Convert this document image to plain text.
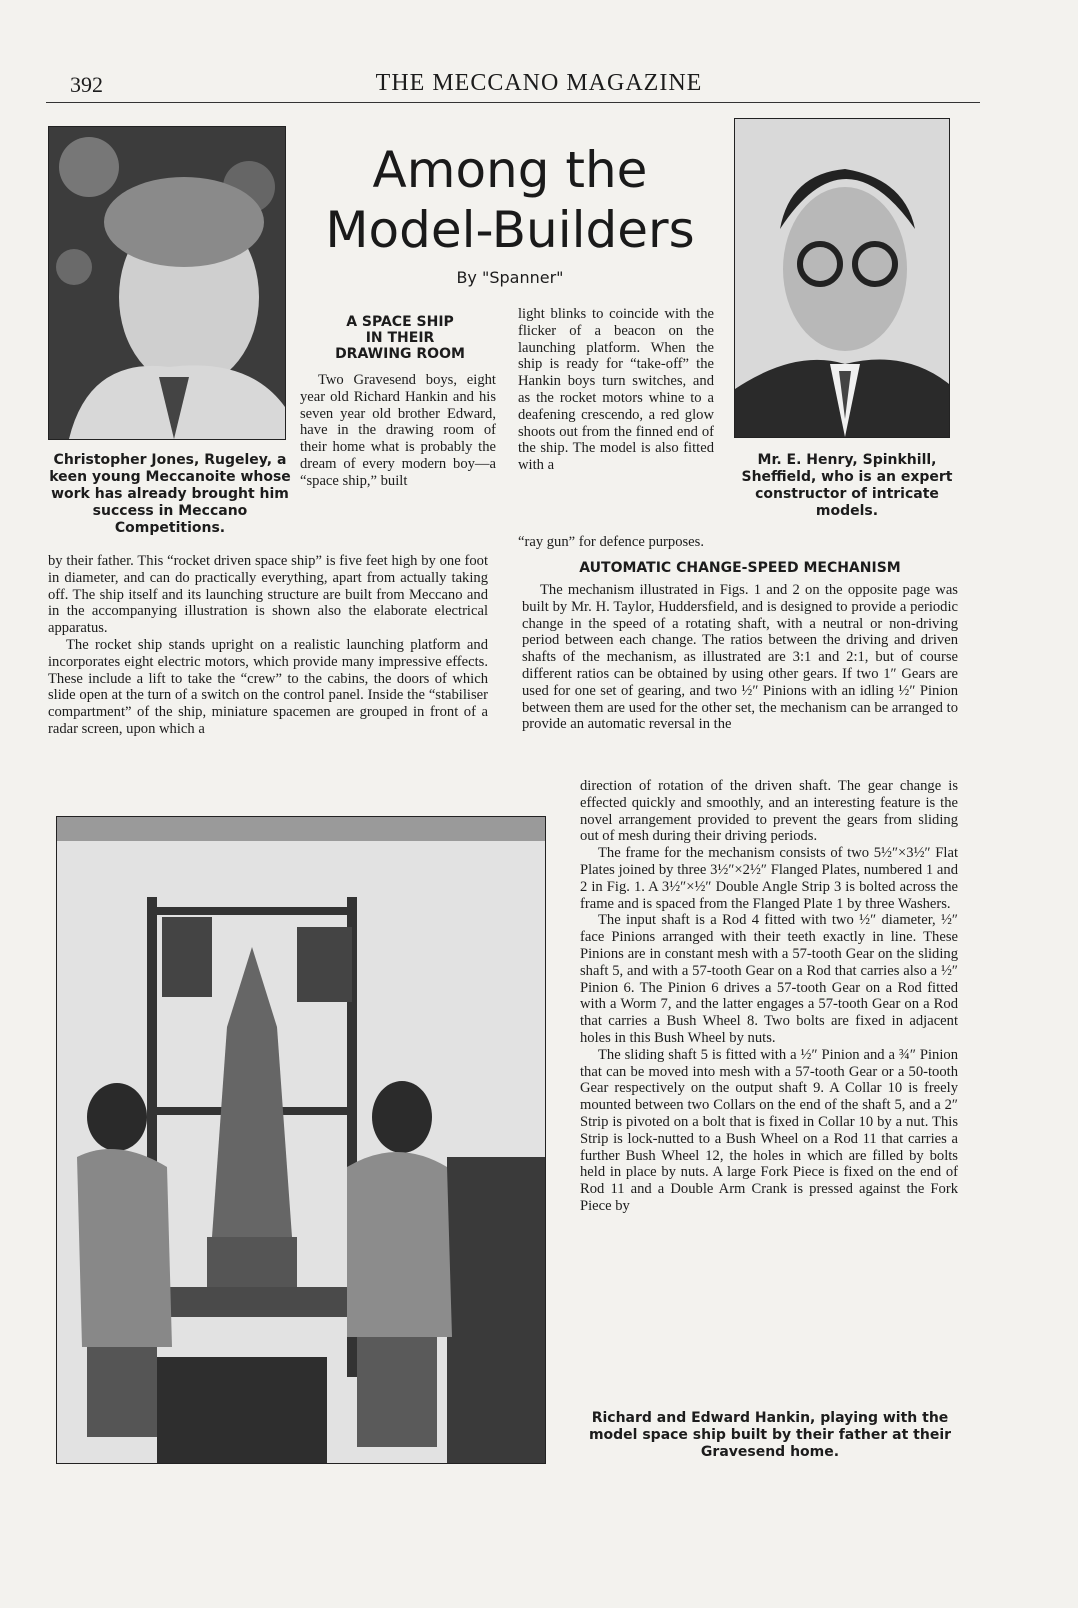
392	THE MECCANO MAGAZINE
Christopher Jones, Rugeley, a keen young Meccanoite whose work has already brought him success in Meccano Competitions.
Mr. E. Henry, Spinkhill, Sheffield, who is an expert constructor of intricate models.
Among the
Model-Builders
By "Spanner"
A SPACE SHIP
IN THEIR
DRAWING ROOM

Two Gravesend boys, eight year old Richard Hankin and his seven year old brother Edward, have in the drawing room of their home what is probably the dream of every modern boy—a “space ship,” built

light blinks to coincide with the flicker of a beacon on the launching platform. When the ship is ready for “take-off” the Hankin boys turn switches, and as the rocket motors whine to a deafening crescendo, a red glow shoots out from the finned end of the ship. The model is also fitted with a

“ray gun” for defence purposes.

by their father. This “rocket driven space ship” is five feet high by one foot in diameter, and can do practically everything, apart from actually taking off. The ship itself and its launching structure are built from Meccano and in the accompanying illustration is shown also the elaborate electrical apparatus.

The rocket ship stands upright on a realistic launching platform and incorporates eight electric motors, which provide many impressive effects. These include a lift to take the “crew” to the cabins, the doors of which slide open at the turn of a switch on the control panel. Inside the “stabiliser compartment” of the ship, miniature spacemen are grouped in front of a radar screen, upon which a

AUTOMATIC CHANGE-SPEED MECHANISM

The mechanism illustrated in Figs. 1 and 2 on the opposite page was built by Mr. H. Taylor, Huddersfield, and is designed to provide a periodic change in the speed of a rotating shaft, with a neutral or non-driving period between each change. The ratios between the driving and driven shafts of the mechanism, as illustrated are 3:1 and 2:1, but of course different ratios can be obtained by using other gears. If two 1″ Gears are used for one set of gearing, and two ½″ Pinions with an idling ½″ Pinion between them are used for the other set, the mechanism can be arranged to provide an automatic reversal in the

direction of rotation of the driven shaft. The gear change is effected quickly and smoothly, and an interesting feature is the novel arrangement provided to prevent the gears from sliding out of mesh during their driving periods.

The frame for the mechanism consists of two 5½″×3½″ Flat Plates joined by three 3½″×2½″ Flanged Plates, numbered 1 and 2 in Fig. 1. A 3½″×½″ Double Angle Strip 3 is bolted across the frame and is spaced from the Flanged Plate 1 by three Washers.

The input shaft is a Rod 4 fitted with two ½″ diameter, ½″ face Pinions arranged with their teeth exactly in line. These Pinions are in constant mesh with a 57-tooth Gear on the sliding shaft 5, and with a 57-tooth Gear on a Rod that carries also a ½″ Pinion 6. The Pinion 6 drives a 57-tooth Gear on a Rod fitted with a Worm 7, and the latter engages a 57-tooth Gear on a Rod that carries a Bush Wheel 8. Two bolts are fixed in adjacent holes in this Bush Wheel by nuts.

The sliding shaft 5 is fitted with a ½″ Pinion and a ¾″ Pinion that can be moved into mesh with a 57-tooth Gear or a 50-tooth Gear respectively on the output shaft 9. A Collar 10 is freely mounted between two Collars on the end of the shaft 5, and a 2″ Strip is pivoted on a bolt that is fixed in Collar 10 by a nut. This Strip is lock-nutted to a Bush Wheel on a Rod 11 that carries a further Bush Wheel 12, the holes in which are filled by bolts held in place by nuts. A large Fork Piece is fixed on the end of Rod 11 and a Double Arm Crank is pressed against the Fork Piece by

Richard and Edward Hankin, playing with the model space ship built by their father at their Gravesend home.
